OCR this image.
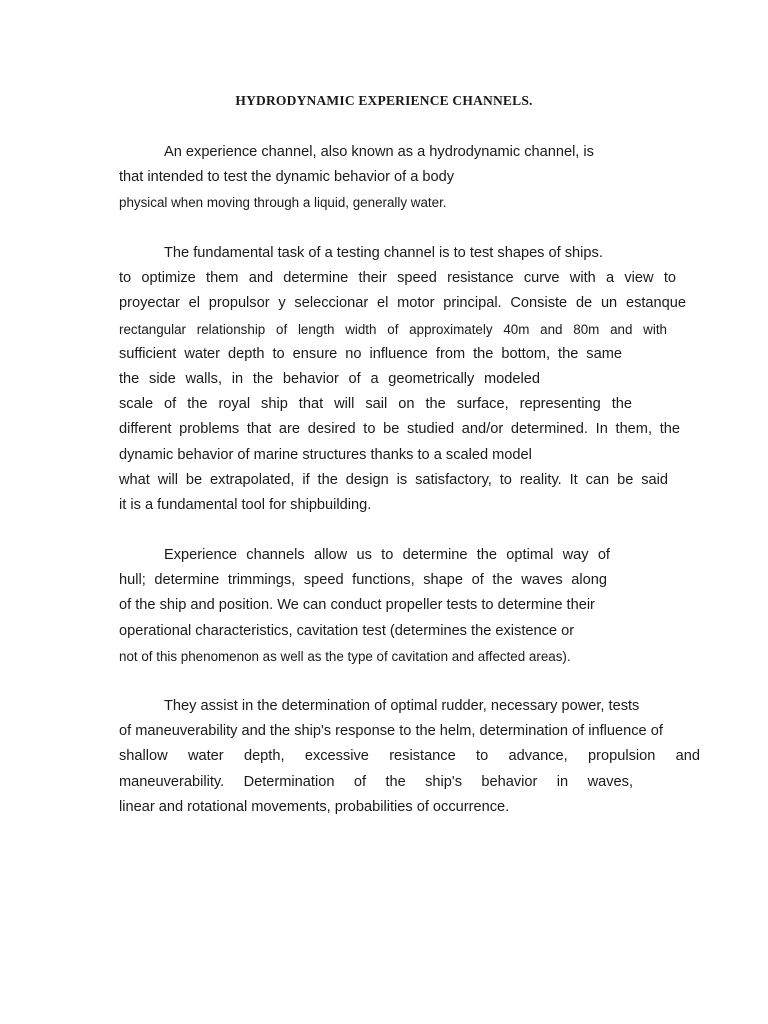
HYDRODYNAMIC EXPERIENCE CHANNELS.
An experience channel, also known as a hydrodynamic channel, is
that intended to test the dynamic behavior of a body
physical when moving through a liquid, generally water.
The fundamental task of a testing channel is to test shapes of ships.
to optimize them and determine their speed resistance curve with a view to
proyectar el propulsor y seleccionar el motor principal. Consiste de un estanque
rectangular relationship of length width of approximately 40m and 80m and with
sufficient water depth to ensure no influence from the bottom, the same
the side walls, in the behavior of a geometrically modeled
scale of the royal ship that will sail on the surface, representing the
different problems that are desired to be studied and/or determined. In them, the
dynamic behavior of marine structures thanks to a scaled model
what will be extrapolated, if the design is satisfactory, to reality. It can be said
it is a fundamental tool for shipbuilding.
Experience channels allow us to determine the optimal way of
hull; determine trimmings, speed functions, shape of the waves along
of the ship and position. We can conduct propeller tests to determine their
operational characteristics, cavitation test (determines the existence or
not of this phenomenon as well as the type of cavitation and affected areas).
They assist in the determination of optimal rudder, necessary power, tests
of maneuverability and the ship's response to the helm, determination of influence of
shallow water depth, excessive resistance to advance, propulsion and
maneuverability. Determination of the ship's behavior in waves,
linear and rotational movements, probabilities of occurrence.
